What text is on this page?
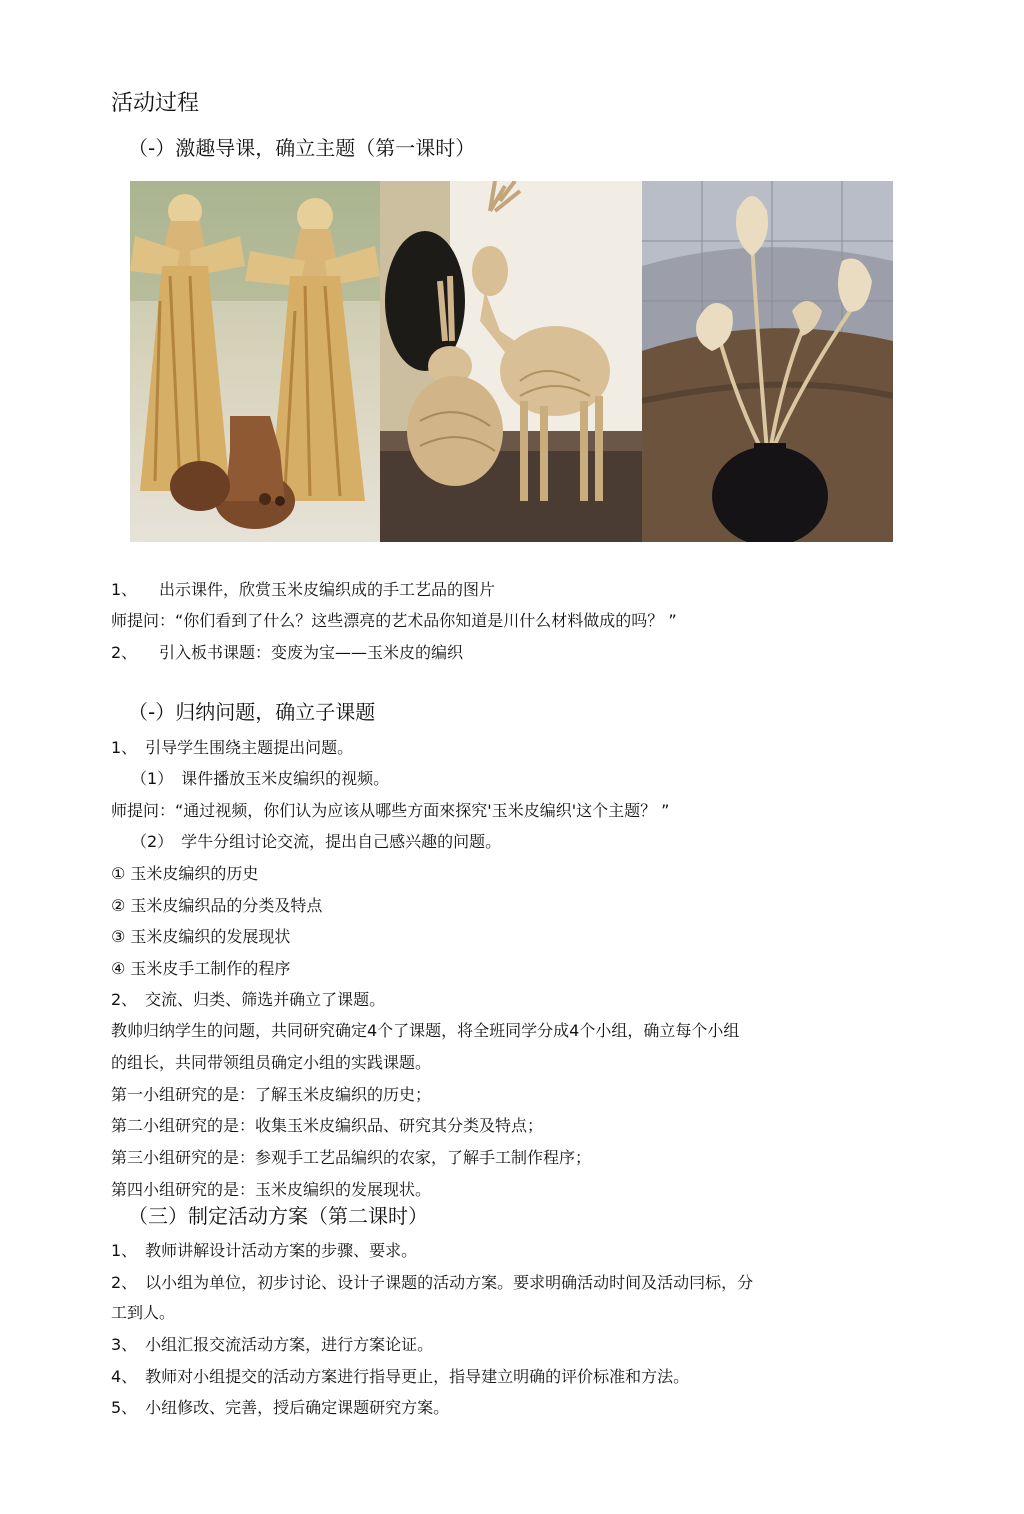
活动过程
（-）激趣导课，确立主题（第一课时）
1、 出示课件，欣赏玉米皮编织成的手工艺品的图片
师提问：“你们看到了什么？这些漂亮的艺术品你知道是川什么材料做成的吗？ ”
2、 引入板书课题：变废为宝——玉米皮的编织
（-）归纳问题，确立子课题
1、　引导学生围绕主题提出问题。
（1）　课件播放玉米皮编织的视频。
师提问：“通过视频，你们认为应该从哪些方面來探究'玉米皮编织'这个主题？ ”
（2）　学牛分组讨论交流，提出自己感兴趣的问题。
① 玉米皮编织的历史
② 玉米皮编织品的分类及特点
③ 玉米皮编织的发展现状
④ 玉米皮手工制作的程序
2、　交流、归类、筛选并确立了课题。
教帅归纳学生的问题，共同研究确定4个了课题，将全班同学分成4个小组，确立每个小组
的组长，共同带领组员确定小组的实践课题。
第一小组研究的是：了解玉米皮编织的历史；
第二小组研究的是：收集玉米皮编织品、研究其分类及特点；
第三小组研究的是：参观手工艺品编织的农家，了解手工制作程序；
第四小组研究的是：玉米皮编织的发展现状。
（三）制定活动方案（第二课时）
1、　教师讲解设计活动方案的步骤、要求。
2、　以小组为单位，初步讨论、设计子课题的活动方案。要求明确活动时间及活动冃标，分
工到人。
3、　小组汇报交流活动方案，进行方案论证。
4、　教师对小组提交的活动方案进行指导更止，指导建立明确的评价标准和方法。
5、　小纽修改、完善，授后确定课题研究方案。
